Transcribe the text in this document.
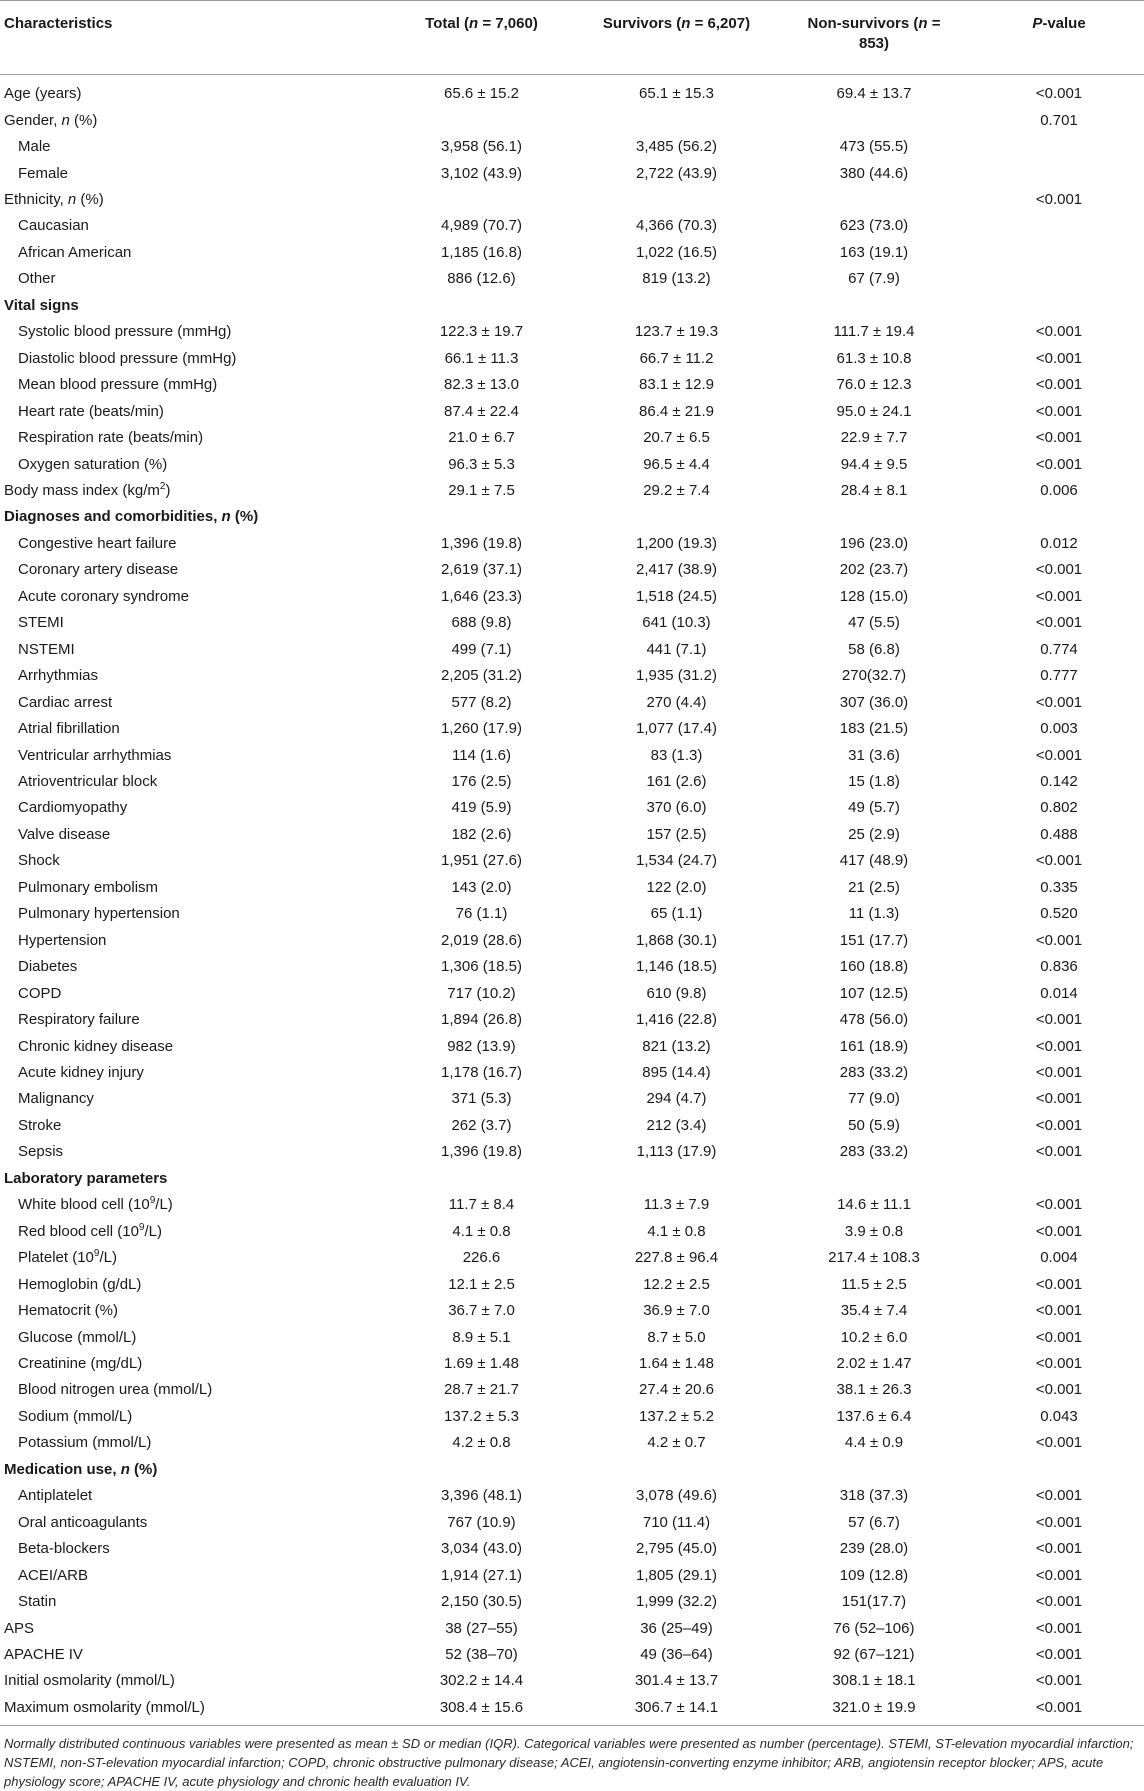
Characteristics	Total (n = 7,060)	Survivors (n = 6,207)	Non-survivors (n = 853)	P-value
Age (years)	65.6 ± 15.2	65.1 ± 15.3	69.4 ± 13.7	<0.001
Gender, n (%)				0.701
Male	3,958 (56.1)	3,485 (56.2)	473 (55.5)	
Female	3,102 (43.9)	2,722 (43.9)	380 (44.6)	
Ethnicity, n (%)				<0.001
Caucasian	4,989 (70.7)	4,366 (70.3)	623 (73.0)	
African American	1,185 (16.8)	1,022 (16.5)	163 (19.1)	
Other	886 (12.6)	819 (13.2)	67 (7.9)	
Vital signs				
Systolic blood pressure (mmHg)	122.3 ± 19.7	123.7 ± 19.3	111.7 ± 19.4	<0.001
Diastolic blood pressure (mmHg)	66.1 ± 11.3	66.7 ± 11.2	61.3 ± 10.8	<0.001
Mean blood pressure (mmHg)	82.3 ± 13.0	83.1 ± 12.9	76.0 ± 12.3	<0.001
Heart rate (beats/min)	87.4 ± 22.4	86.4 ± 21.9	95.0 ± 24.1	<0.001
Respiration rate (beats/min)	21.0 ± 6.7	20.7 ± 6.5	22.9 ± 7.7	<0.001
Oxygen saturation (%)	96.3 ± 5.3	96.5 ± 4.4	94.4 ± 9.5	<0.001
Body mass index $(kg/m^2)$	29.1 ± 7.5	29.2 ± 7.4	28.4 ± 8.1	0.006
Diagnoses and comorbidities, n (%)				
Congestive heart failure	1,396 (19.8)	1,200 (19.3)	196 (23.0)	0.012
Coronary artery disease	2,619 (37.1)	2,417 (38.9)	202 (23.7)	<0.001
Acute coronary syndrome	1,646 (23.3)	1,518 (24.5)	128 (15.0)	<0.001
STEMI	688 (9.8)	641 (10.3)	47 (5.5)	<0.001
NSTEMI	499 (7.1)	441 (7.1)	58 (6.8)	0.774
Arrhythmias	2,205 (31.2)	1,935 (31.2)	270(32.7)	0.777
Cardiac arrest	577 (8.2)	270 (4.4)	307 (36.0)	<0.001
Atrial fibrillation	1,260 (17.9)	1,077 (17.4)	183 (21.5)	0.003
Ventricular arrhythmias	114 (1.6)	83 (1.3)	31 (3.6)	<0.001
Atrioventricular block	176 (2.5)	161 (2.6)	15 (1.8)	0.142
Cardiomyopathy	419 (5.9)	370 (6.0)	49 (5.7)	0.802
Valve disease	182 (2.6)	157 (2.5)	25 (2.9)	0.488
Shock	1,951 (27.6)	1,534 (24.7)	417 (48.9)	<0.001
Pulmonary embolism	143 (2.0)	122 (2.0)	21 (2.5)	0.335
Pulmonary hypertension	76 (1.1)	65 (1.1)	11 (1.3)	0.520
Hypertension	2,019 (28.6)	1,868 (30.1)	151 (17.7)	<0.001
Diabetes	1,306 (18.5)	1,146 (18.5)	160 (18.8)	0.836
COPD	717 (10.2)	610 (9.8)	107 (12.5)	0.014
Respiratory failure	1,894 (26.8)	1,416 (22.8)	478 (56.0)	<0.001
Chronic kidney disease	982 (13.9)	821 (13.2)	161 (18.9)	<0.001
Acute kidney injury	1,178 (16.7)	895 (14.4)	283 (33.2)	<0.001
Malignancy	371 (5.3)	294 (4.7)	77 (9.0)	<0.001
Stroke	262 (3.7)	212 (3.4)	50 (5.9)	<0.001
Sepsis	1,396 (19.8)	1,113 (17.9)	283 (33.2)	<0.001
Laboratory parameters				
White blood cell $(10^9/L)$	11.7 ± 8.4	11.3 ± 7.9	14.6 ± 11.1	<0.001
Red blood cell $(10^9/L)$	4.1 ± 0.8	4.1 ± 0.8	3.9 ± 0.8	<0.001
Platelet $(10^9/L)$	226.6	227.8 ± 96.4	217.4 ± 108.3	0.004
Hemoglobin (g/dL)	12.1 ± 2.5	12.2 ± 2.5	11.5 ± 2.5	<0.001
Hematocrit (%)	36.7 ± 7.0	36.9 ± 7.0	35.4 ± 7.4	<0.001
Glucose (mmol/L)	8.9 ± 5.1	8.7 ± 5.0	10.2 ± 6.0	<0.001
Creatinine (mg/dL)	1.69 ± 1.48	1.64 ± 1.48	2.02 ± 1.47	<0.001
Blood nitrogen urea (mmol/L)	28.7 ± 21.7	27.4 ± 20.6	38.1 ± 26.3	<0.001
Sodium (mmol/L)	137.2 ± 5.3	137.2 ± 5.2	137.6 ± 6.4	0.043
Potassium (mmol/L)	4.2 ± 0.8	4.2 ± 0.7	4.4 ± 0.9	<0.001
Medication use, n (%)				
Antiplatelet	3,396 (48.1)	3,078 (49.6)	318 (37.3)	<0.001
Oral anticoagulants	767 (10.9)	710 (11.4)	57 (6.7)	<0.001
Beta-blockers	3,034 (43.0)	2,795 (45.0)	239 (28.0)	<0.001
ACEI/ARB	1,914 (27.1)	1,805 (29.1)	109 (12.8)	<0.001
Statin	2,150 (30.5)	1,999 (32.2)	151(17.7)	<0.001
APS	38 (27–55)	36 (25–49)	76 (52–106)	<0.001
APACHE IV	52 (38–70)	49 (36–64)	92 (67–121)	<0.001
Initial osmolarity (mmol/L)	302.2 ± 14.4	301.4 ± 13.7	308.1 ± 18.1	<0.001
Maximum osmolarity (mmol/L)	308.4 ± 15.6	306.7 ± 14.1	321.0 ± 19.9	<0.001
Normally distributed continuous variables were presented as mean ± SD or median (IQR). Categorical variables were presented as number (percentage). STEMI, ST-elevation myocardial infarction; NSTEMI, non-ST-elevation myocardial infarction; COPD, chronic obstructive pulmonary disease; ACEI, angiotensin-converting enzyme inhibitor; ARB, angiotensin receptor blocker; APS, acute physiology score; APACHE IV, acute physiology and chronic health evaluation IV.
